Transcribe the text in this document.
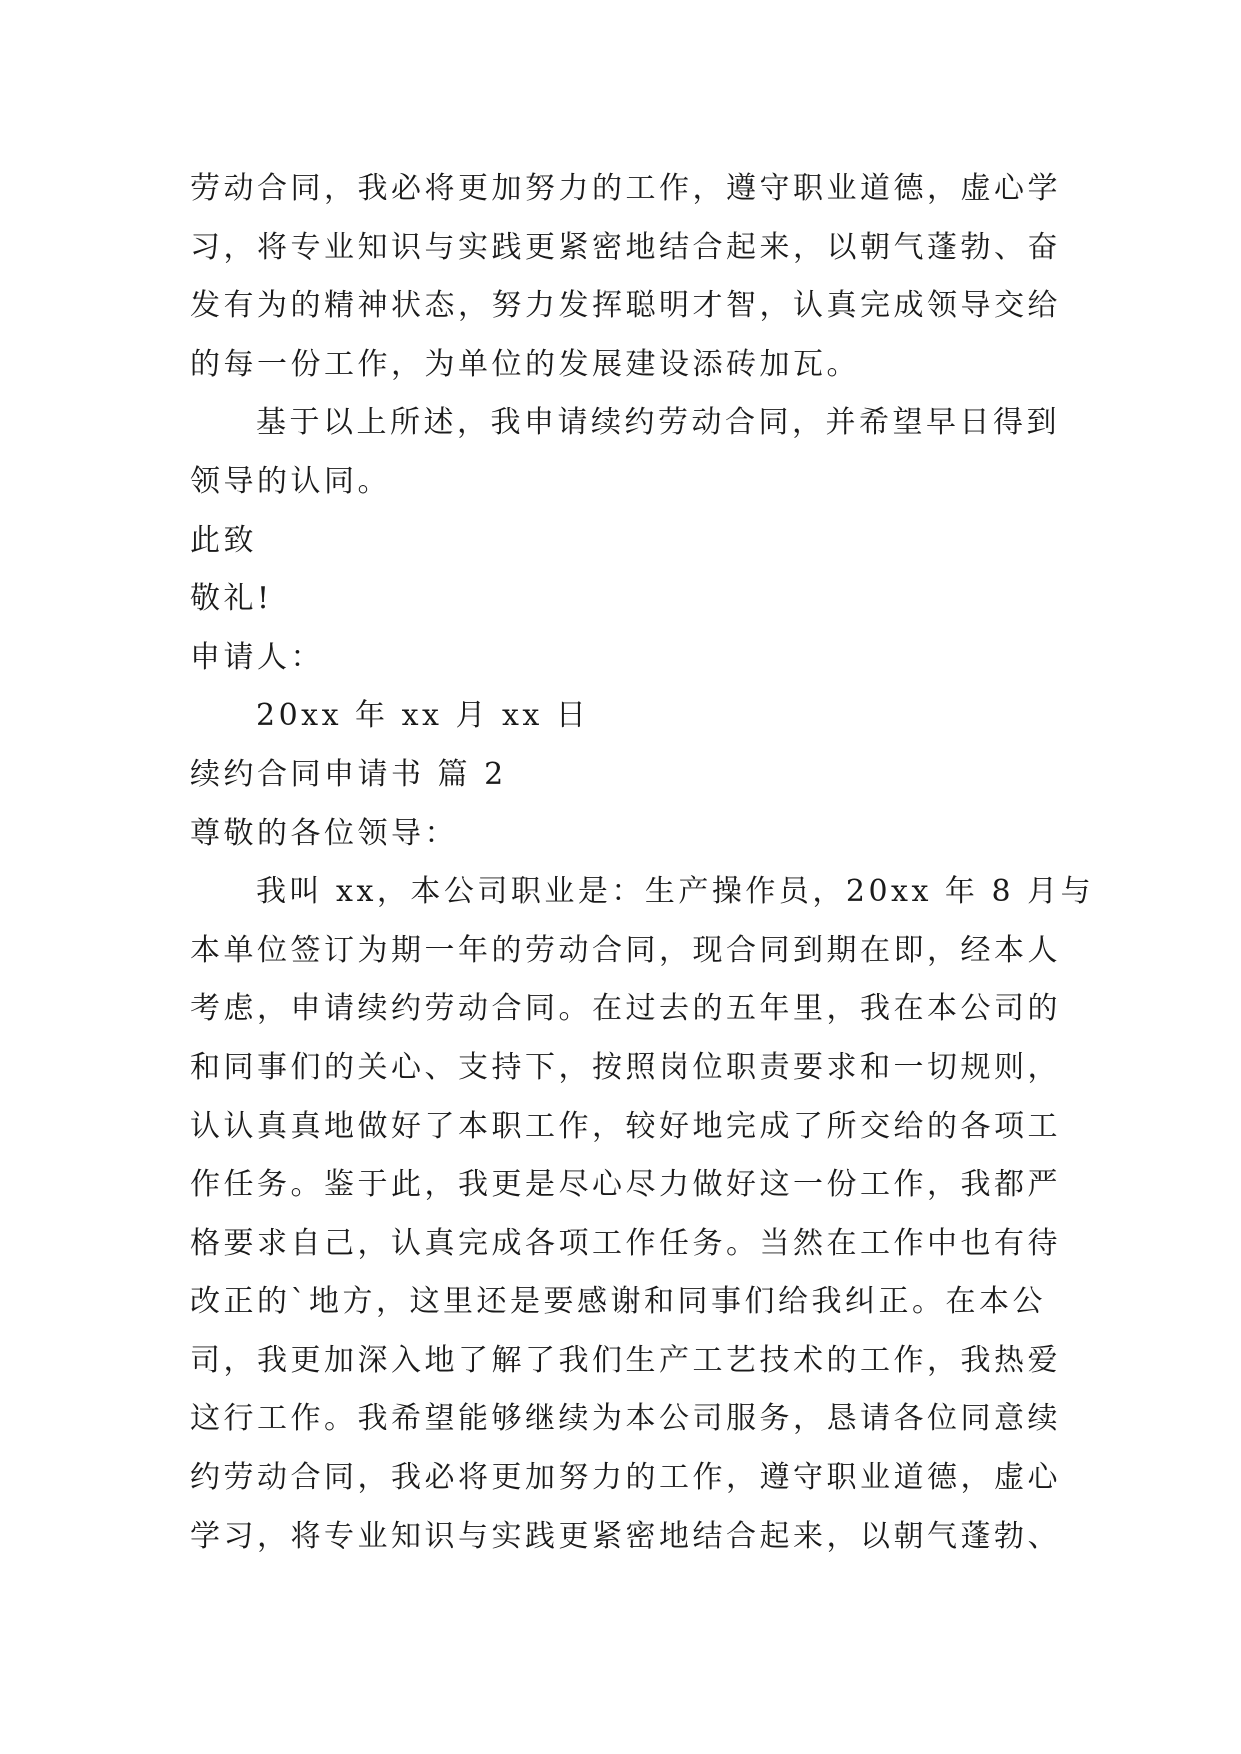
劳动合同，我必将更加努力的工作，遵守职业道德，虚心学
习，将专业知识与实践更紧密地结合起来，以朝气蓬勃、奋
发有为的精神状态，努力发挥聪明才智，认真完成领导交给
的每一份工作，为单位的发展建设添砖加瓦。
基于以上所述，我申请续约劳动合同，并希望早日得到
领导的认同。
此致
敬礼!
申请人：
20xx 年 xx 月 xx 日
续约合同申请书 篇 2
尊敬的各位领导：
我叫 xx，本公司职业是：生产操作员，20xx 年 8 月与
本单位签订为期一年的劳动合同，现合同到期在即，经本人
考虑，申请续约劳动合同。在过去的五年里，我在本公司的
和同事们的关心、支持下，按照岗位职责要求和一切规则，
认认真真地做好了本职工作，较好地完成了所交给的各项工
作任务。鉴于此，我更是尽心尽力做好这一份工作，我都严
格要求自己，认真完成各项工作任务。当然在工作中也有待
改正的`地方，这里还是要感谢和同事们给我纠正。在本公
司，我更加深入地了解了我们生产工艺技术的工作，我热爱
这行工作。我希望能够继续为本公司服务，恳请各位同意续
约劳动合同，我必将更加努力的工作，遵守职业道德，虚心
学习，将专业知识与实践更紧密地结合起来，以朝气蓬勃、
